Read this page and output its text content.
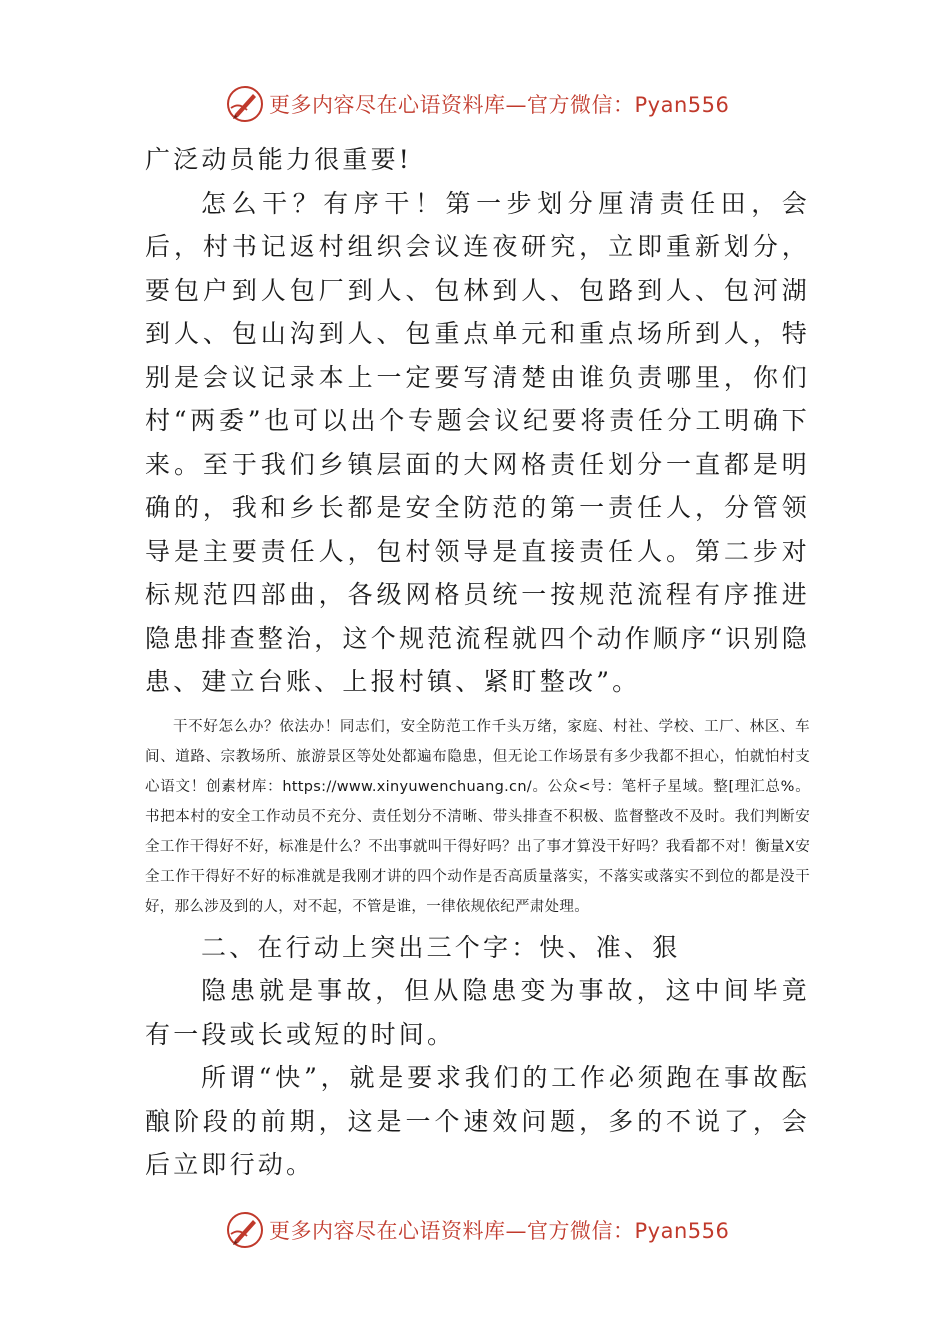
更多内容尽在心语资料库—官方微信：Pyan556

广泛动员能力很重要!

怎么干？有序干！第一步划分厘清责任田，会后，村书记返村组织会议连夜研究，立即重新划分，要包户到人包厂到人、包林到人、包路到人、包河湖到人、包山沟到人、包重点单元和重点场所到人，特别是会议记录本上一定要写清楚由谁负责哪里，你们村“两委”也可以出个专题会议纪要将责任分工明确下来。至于我们乡镇层面的大网格责任划分一直都是明确的，我和乡长都是安全防范的第一责任人，分管领导是主要责任人，包村领导是直接责任人。第二步对标规范四部曲，各级网格员统一按规范流程有序推进隐患排查整治，这个规范流程就四个动作顺序“识别隐患、建立台账、上报村镇、紧盯整改”。

干不好怎么办？依法办！同志们，安全防范工作千头万绪，家庭、村社、学校、工厂、林区、车间、道路、宗教场所、旅游景区等处处都遍布隐患，但无论工作场景有多少我都不担心，怕就怕村支心语文！创素材库：https://www.xinyuwenchuang.cn/。公众<号：笔杆子星域。整[理汇总%。书把本村的安全工作动员不充分、责任划分不清晰、带头排查不积极、监督整改不及时。我们判断安全工作干得好不好，标准是什么？不出事就叫干得好吗？出了事才算没干好吗？我看都不对！衡量X安全工作干得好不好的标准就是我刚才讲的四个动作是否高质量落实，不落实或落实不到位的都是没干好，那么涉及到的人，对不起，不管是谁，一律依规依纪严肃处理。

二、在行动上突出三个字：快、准、狠

隐患就是事故，但从隐患变为事故，这中间毕竟有一段或长或短的时间。

所谓“快”，就是要求我们的工作必须跑在事故酝酿阶段的前期，这是一个速效问题，多的不说了，会后立即行动。

更多内容尽在心语资料库—官方微信：Pyan556
